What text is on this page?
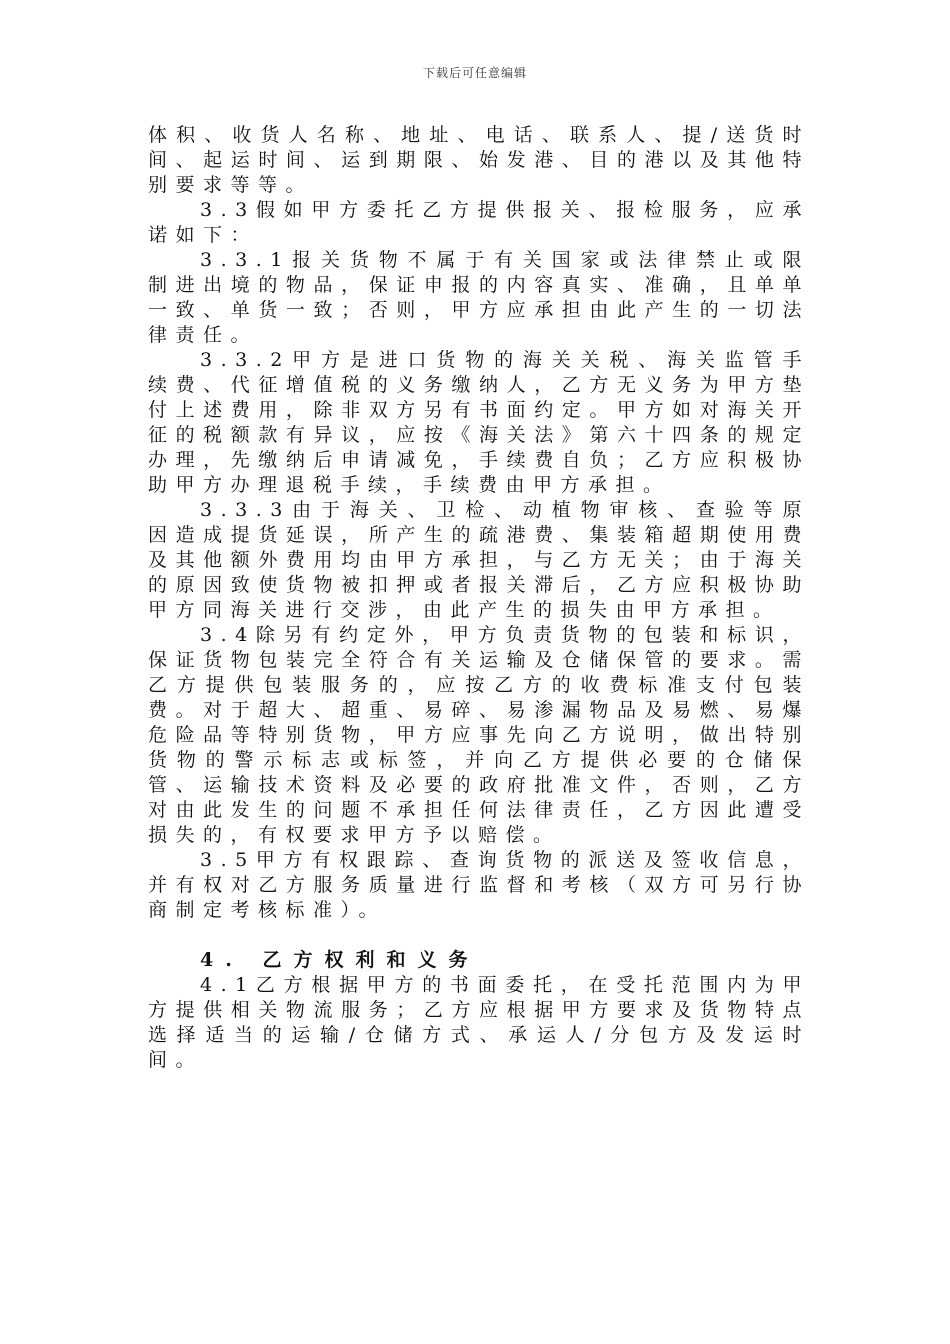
下载后可任意编辑

体积、收货人名称、地址、电话、联系人、提/送货时间、起运时间、运到期限、始发港、目的港以及其他特别要求等等。

3.3假如甲方委托乙方提供报关、报检服务，应承诺如下：

3.3.1报关货物不属于有关国家或法律禁止或限制进出境的物品，保证申报的内容真实、准确，且单单一致、单货一致；否则，甲方应承担由此产生的一切法律责任。

3.3.2甲方是进口货物的海关关税、海关监管手续费、代征增值税的义务缴纳人，乙方无义务为甲方垫付上述费用，除非双方另有书面约定。甲方如对海关开征的税额款有异议，应按《海关法》第六十四条的规定办理，先缴纳后申请减免，手续费自负；乙方应积极协助甲方办理退税手续，手续费由甲方承担。

3.3.3由于海关、卫检、动植物审核、查验等原因造成提货延误，所产生的疏港费、集装箱超期使用费及其他额外费用均由甲方承担，与乙方无关；由于海关的原因致使货物被扣押或者报关滞后，乙方应积极协助甲方同海关进行交涉，由此产生的损失由甲方承担。

3.4除另有约定外，甲方负责货物的包装和标识，保证货物包装完全符合有关运输及仓储保管的要求。需乙方提供包装服务的，应按乙方的收费标准支付包装费。对于超大、超重、易碎、易渗漏物品及易燃、易爆危险品等特别货物，甲方应事先向乙方说明，做出特别货物的警示标志或标签，并向乙方提供必要的仓储保管、运输技术资料及必要的政府批准文件，否则，乙方对由此发生的问题不承担任何法律责任，乙方因此遭受损失的，有权要求甲方予以赔偿。

3.5甲方有权跟踪、查询货物的派送及签收信息，并有权对乙方服务质量进行监督和考核（双方可另行协商制定考核标准）。

4. 乙方权利和义务

4.1乙方根据甲方的书面委托，在受托范围内为甲方提供相关物流服务；乙方应根据甲方要求及货物特点选择适当的运输/仓储方式、承运人/分包方及发运时间。
